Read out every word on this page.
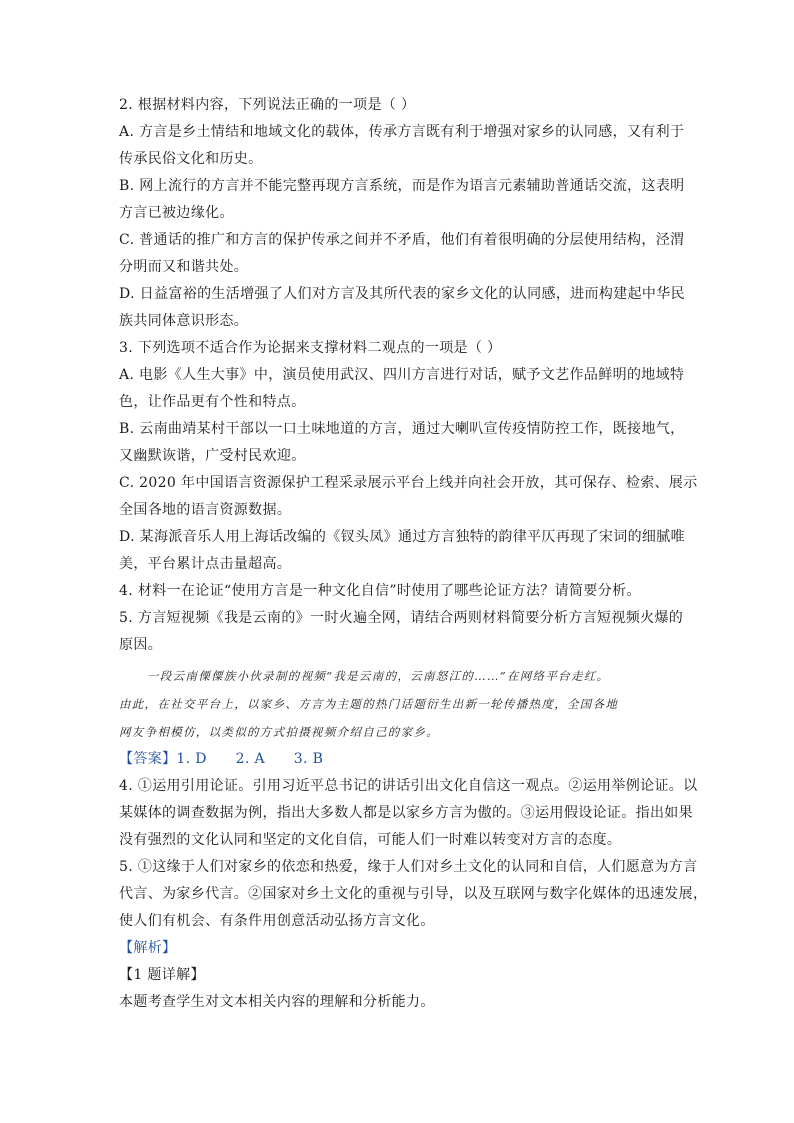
2. 根据材料内容，下列说法正确的一项是（ ）
A. 方言是乡土情结和地域文化的载体，传承方言既有利于增强对家乡的认同感，又有利于
传承民俗文化和历史。
B. 网上流行的方言并不能完整再现方言系统，而是作为语言元素辅助普通话交流，这表明
方言已被边缘化。
C. 普通话的推广和方言的保护传承之间并不矛盾，他们有着很明确的分层使用结构，泾渭
分明而又和谐共处。
D. 日益富裕的生活增强了人们对方言及其所代表的家乡文化的认同感，进而构建起中华民
族共同体意识形态。
3. 下列选项不适合作为论据来支撑材料二观点的一项是（ ）
A. 电影《人生大事》中，演员使用武汉、四川方言进行对话，赋予文艺作品鲜明的地域特
色，让作品更有个性和特点。
B. 云南曲靖某村干部以一口土味地道的方言，通过大喇叭宣传疫情防控工作，既接地气，
又幽默诙谐，广受村民欢迎。
C. 2020 年中国语言资源保护工程采录展示平台上线并向社会开放，其可保存、检索、展示
全国各地的语言资源数据。
D. 某海派音乐人用上海话改编的《钗头凤》通过方言独特的韵律平仄再现了宋词的细腻唯
美，平台累计点击量超高。
4. 材料一在论证“使用方言是一种文化自信”时使用了哪些论证方法？请简要分析。
5. 方言短视频《我是云南的》一时火遍全网，请结合两则材料简要分析方言短视频火爆的
原因。
一段云南傈僳族小伙录制的视频“我是云南的，云南怒江的……”在网络平台走红。
由此，在社交平台上，以家乡、方言为主题的热门话题衍生出新一轮传播热度，全国各地
网友争相模仿，以类似的方式拍摄视频介绍自己的家乡。
【答案】1. D      2. A      3. B
4. ①运用引用论证。引用习近平总书记的讲话引出文化自信这一观点。②运用举例论证。以
某媒体的调查数据为例，指出大多数人都是以家乡方言为傲的。③运用假设论证。指出如果
没有强烈的文化认同和坚定的文化自信，可能人们一时难以转变对方言的态度。
5. ①这缘于人们对家乡的依恋和热爱，缘于人们对乡土文化的认同和自信，人们愿意为方言
代言、为家乡代言。②国家对乡土文化的重视与引导，以及互联网与数字化媒体的迅速发展，
使人们有机会、有条件用创意活动弘扬方言文化。
【解析】
【1 题详解】
本题考查学生对文本相关内容的理解和分析能力。
